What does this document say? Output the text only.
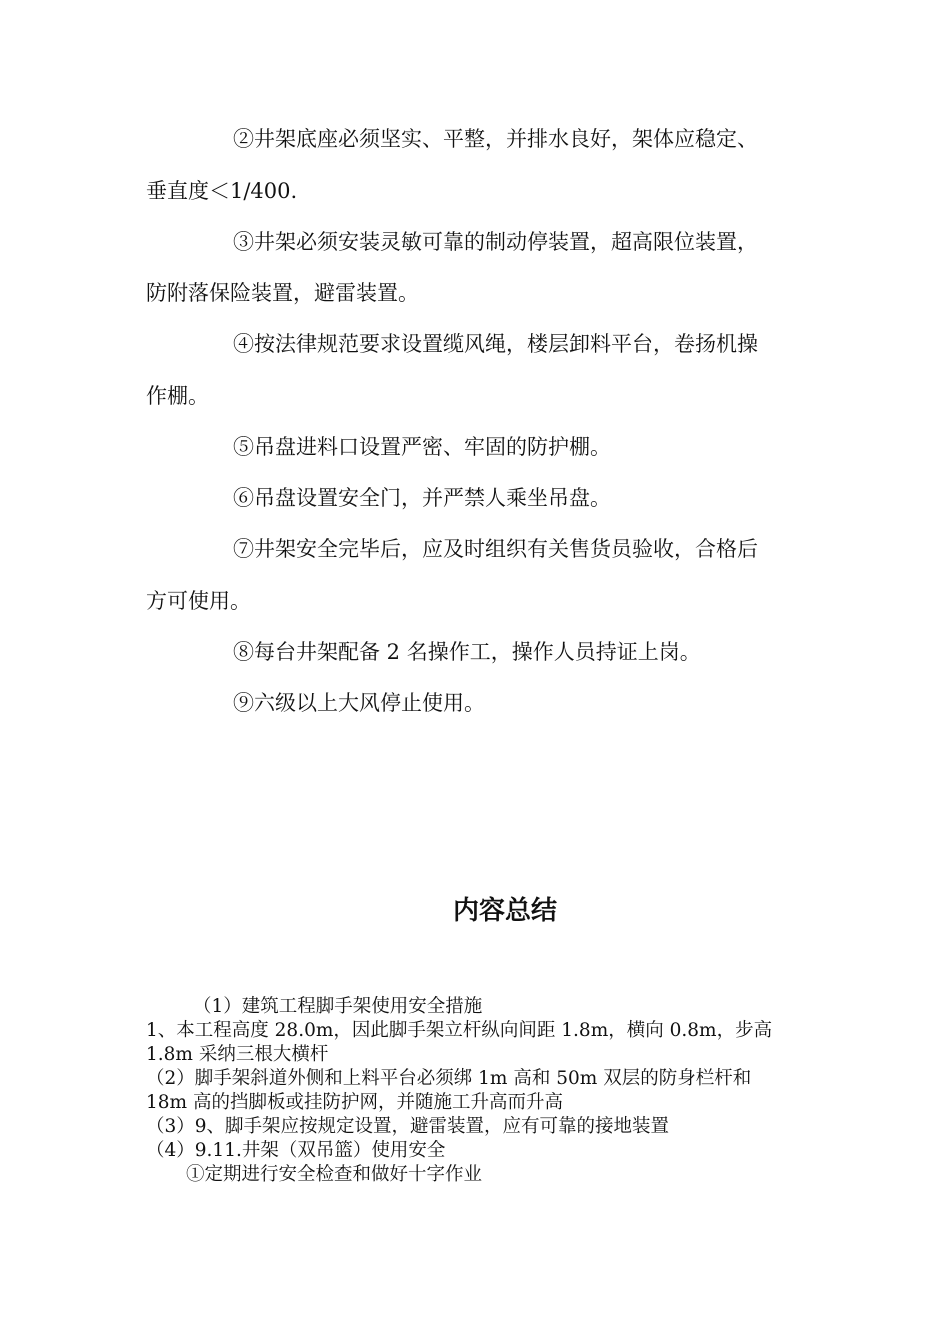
②井架底座必须坚实、平整，并排水良好，架体应稳定、

垂直度＜1/400.

③井架必须安装灵敏可靠的制动停装置，超高限位装置，

防附落保险装置，避雷装置。

④按法律规范要求设置缆风绳，楼层卸料平台，卷扬机操

作棚。

⑤吊盘进料口设置严密、牢固的防护棚。

⑥吊盘设置安全门，并严禁人乘坐吊盘。

⑦井架安全完毕后，应及时组织有关售货员验收，合格后

方可使用。

⑧每台井架配备 2 名操作工，操作人员持证上岗。

⑨六级以上大风停止使用。

内容总结

（1）建筑工程脚手架使用安全措施

1、本工程高度 28.0m，因此脚手架立杆纵向间距 1.8m，横向 0.8m，步高

1.8m 采纳三根大横杆

（2）脚手架斜道外侧和上料平台必须绑 1m 高和 50m 双层的防身栏杆和

18m 高的挡脚板或挂防护网，并随施工升高而升高

（3）9、脚手架应按规定设置，避雷装置，应有可靠的接地装置

（4）9.11.井架（双吊篮）使用安全

①定期进行安全检查和做好十字作业
